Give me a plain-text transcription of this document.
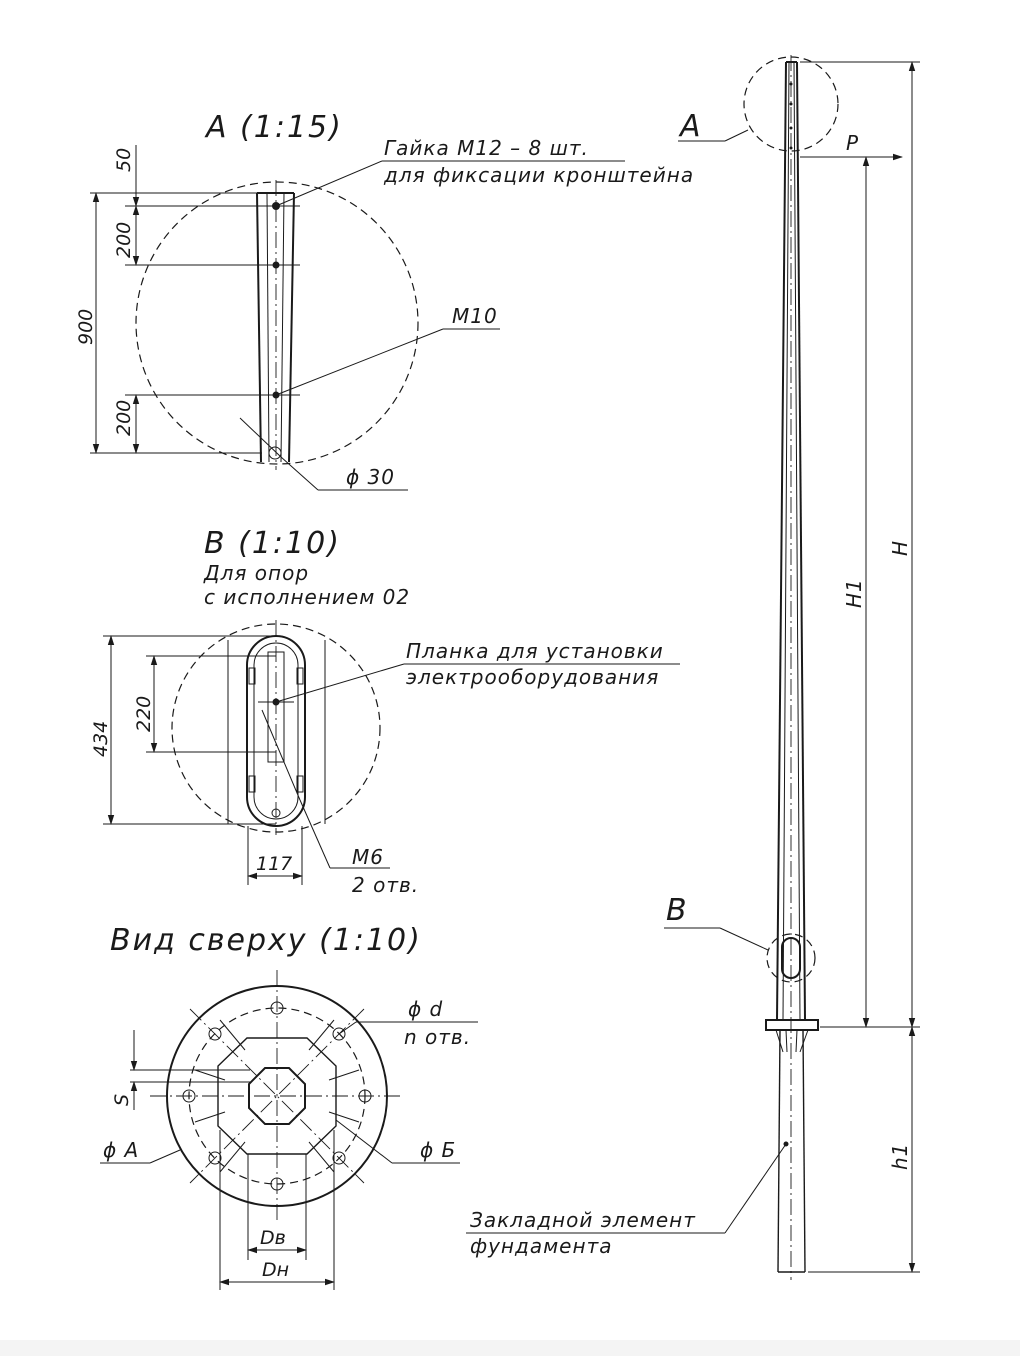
А (1:15)
50
200
900
200
Гайка М12 – 8 шт.
для фиксации кронштейна
М10
ϕ 30
В (1:10)
Для опор
с исполнением 02
434
220
117
Планка для установки
электрооборудования
М6
2 отв.
Вид сверху (1:10)
S
ϕ А	ϕ Б
ϕ d
n отв.
Dв
Dн
А
В
Закладной элемент
фундамента
Р
Н
Н1
h1
